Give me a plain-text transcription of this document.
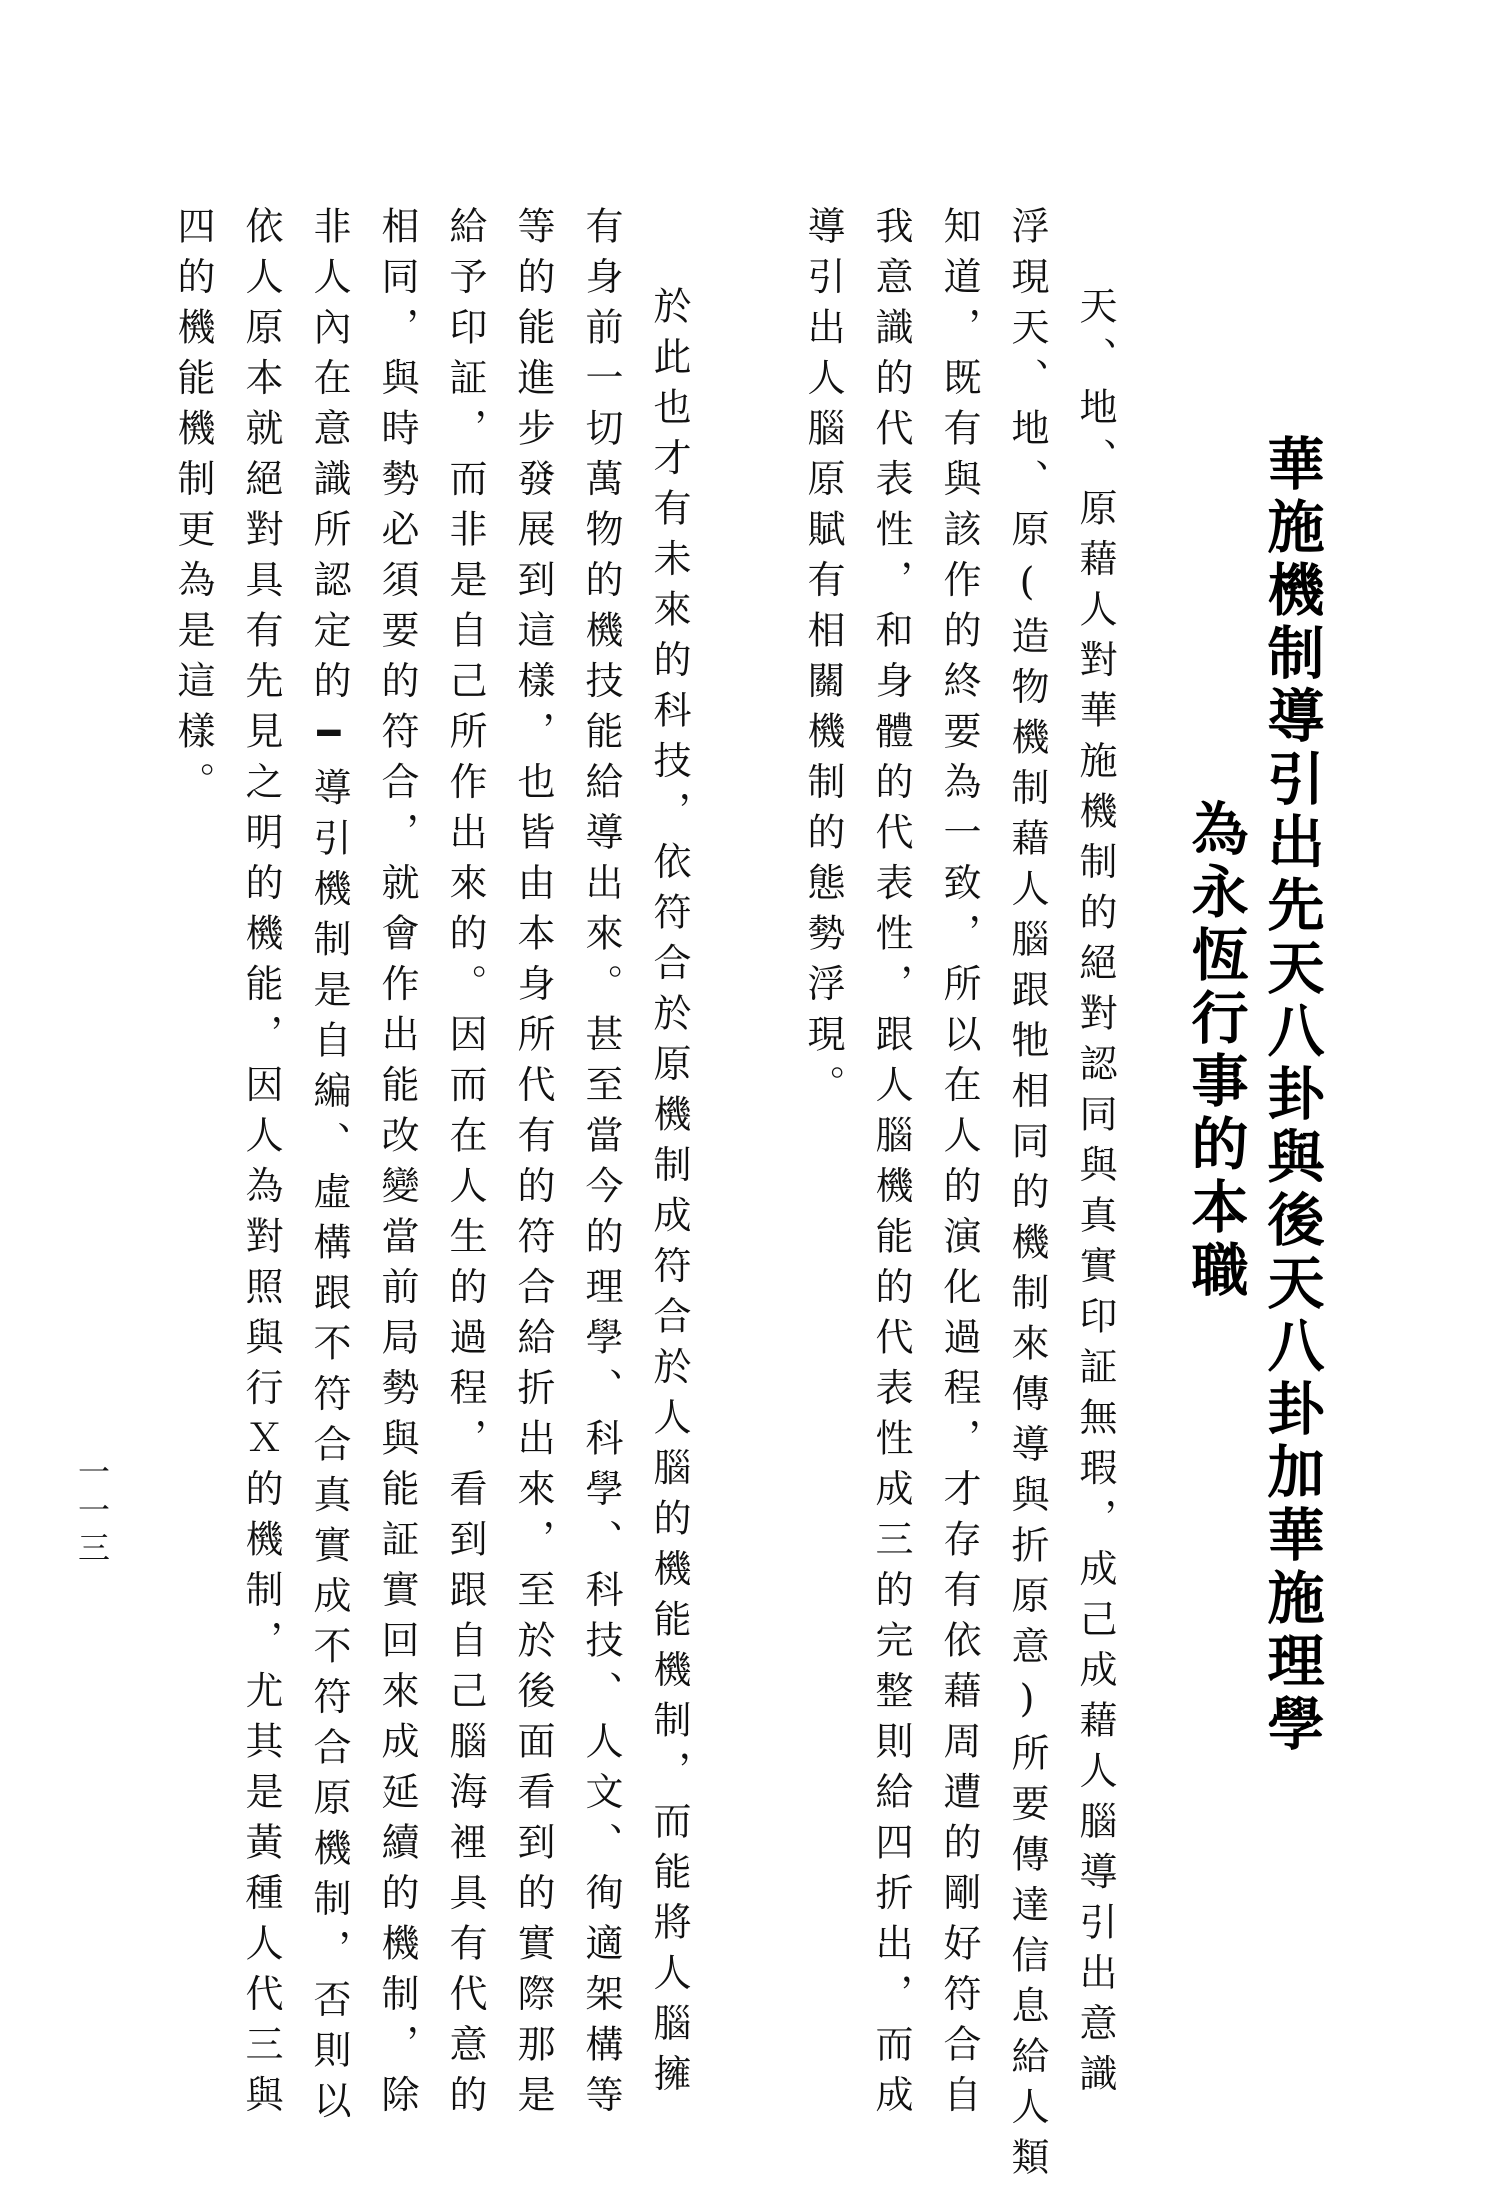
華施機制導引出先天八卦與後天八卦加華施理學
為永恆行事的本職
天、地、原藉人對華施機制的絕對認同與真實印証無瑕，成己成藉人腦導引出意識
浮現天、地、原(造物機制藉人腦跟牠相同的機制來傳導與折原意)所要傳達信息給人類
知道，既有與該作的終要為一致，所以在人的演化過程，才存有依藉周遭的剛好符合自
我意識的代表性，和身體的代表性，跟人腦機能的代表性成三的完整則給四折出，而成
導引出人腦原賦有相關機制的態勢浮現。
於此也才有未來的科技，依符合於原機制成符合於人腦的機能機制，而能將人腦擁
有身前一切萬物的機技能給導出來。甚至當今的理學、科學、科技、人文、徇適架構等
等的能進步發展到這樣，也皆由本身所代有的符合給折出來，至於後面看到的實際那是
給予印証，而非是自己所作出來的。因而在人生的過程，看到跟自己腦海裡具有代意的
相同，與時勢必須要的符合，就會作出能改變當前局勢與能証實回來成延續的機制，除
非人內在意識所認定的━導引機制是自編、虛構跟不符合真實成不符合原機制，否則以
依人原本就絕對具有先見之明的機能，因人為對照與行Ｘ的機制，尤其是黃種人代三與
四的機能機制更為是這樣。
一一三
